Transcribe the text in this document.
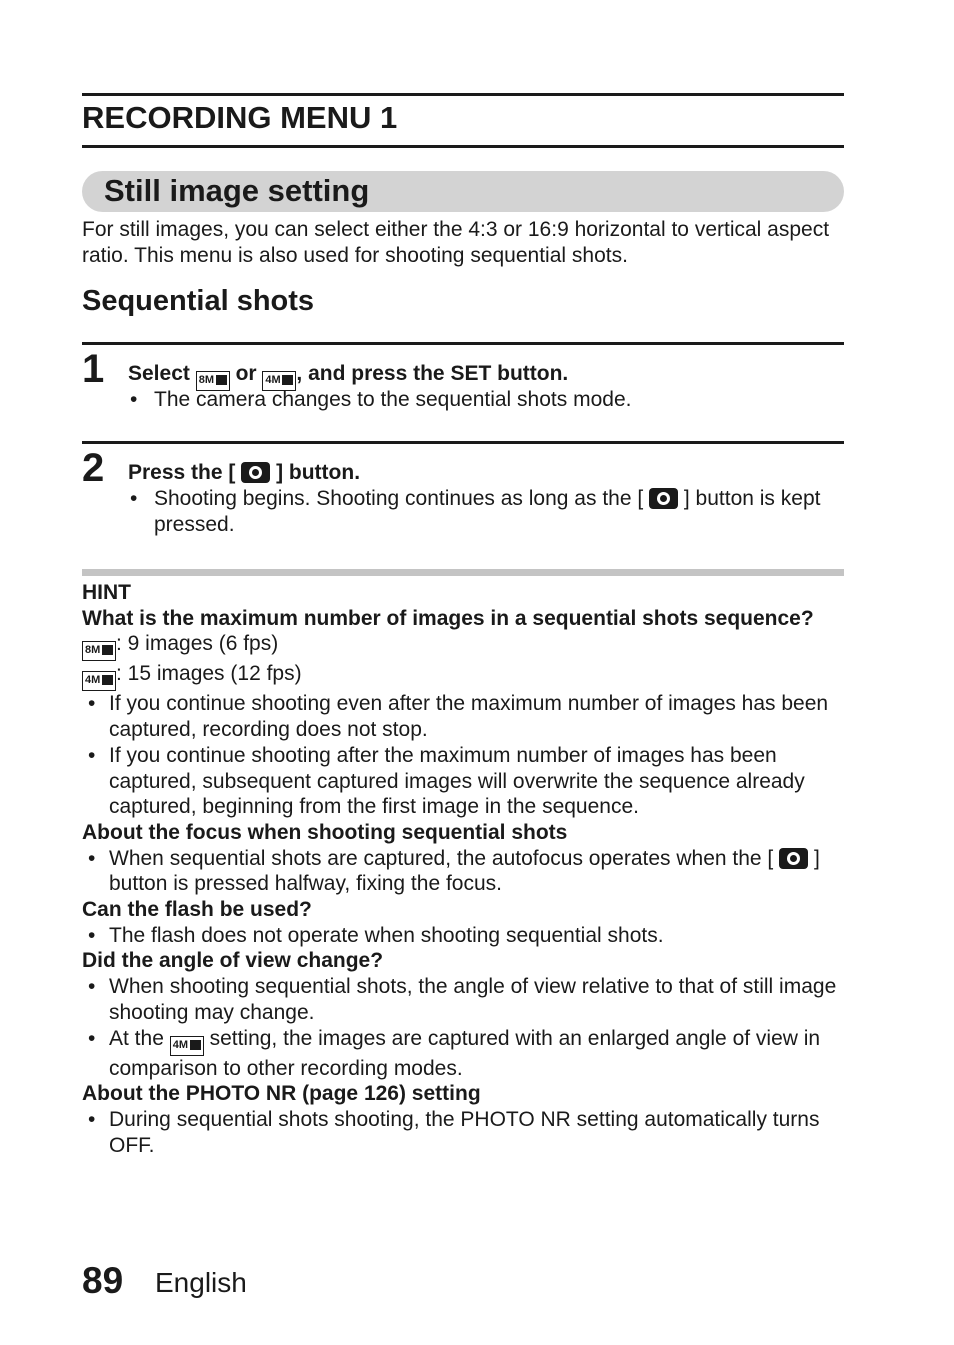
RECORDING MENU 1
Still image setting
For still images, you can select either the 4:3 or 16:9 horizontal to vertical aspect ratio. This menu is also used for shooting sequential shots.
Sequential shots
1 Select 8M or 4M , and press the SET button.
• The camera changes to the sequential shots mode.
2 Press the [ ] button.
• Shooting begins. Shooting continues as long as the [ ] button is kept pressed.
HINT
What is the maximum number of images in a sequential shots sequence?
8M : 9 images (6 fps)
4M : 15 images (12 fps)
• If you continue shooting even after the maximum number of images has been captured, recording does not stop.
• If you continue shooting after the maximum number of images has been captured, subsequent captured images will overwrite the sequence already captured, beginning from the first image in the sequence.
About the focus when shooting sequential shots
• When sequential shots are captured, the autofocus operates when the [ ] button is pressed halfway, fixing the focus.
Can the flash be used?
• The flash does not operate when shooting sequential shots.
Did the angle of view change?
• When shooting sequential shots, the angle of view relative to that of still image shooting may change.
• At the 4M setting, the images are captured with an enlarged angle of view in comparison to other recording modes.
About the PHOTO NR (page 126) setting
• During sequential shots shooting, the PHOTO NR setting automatically turns OFF.
89 English
